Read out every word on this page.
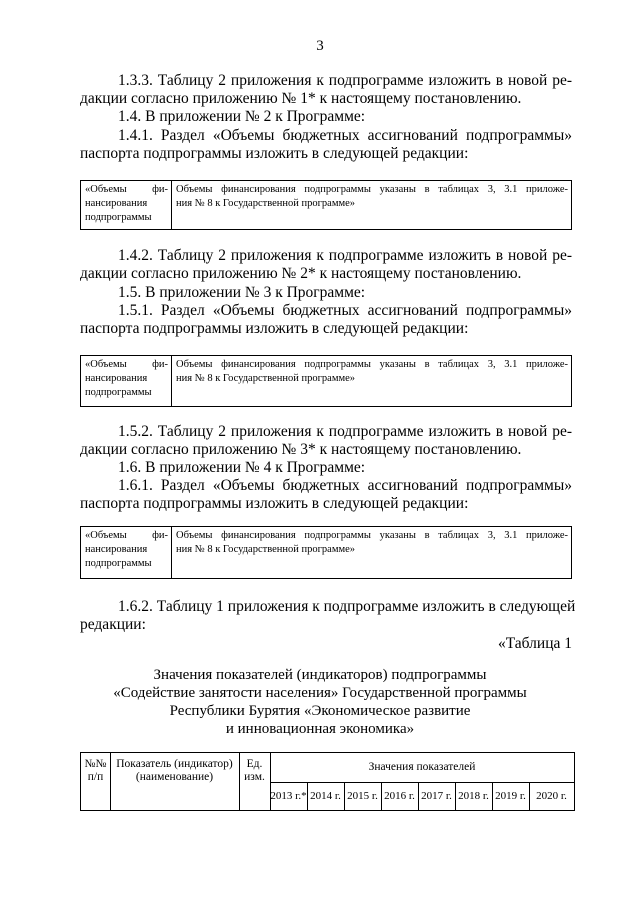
3
1.3.3. Таблицу 2 приложения к подпрограмме изложить в новой ре-
дакции согласно приложению № 1* к настоящему постановлению.
1.4. В приложении № 2 к Программе:
1.4.1. Раздел «Объемы бюджетных ассигнований подпрограммы»
паспорта подпрограммы изложить в следующей редакции:
«Объемы фи-
нансирования
подпрограммы
Объемы финансирования подпрограммы указаны в таблицах 3, 3.1 приложе-
ния № 8 к Государственной программе»
1.4.2. Таблицу 2 приложения к подпрограмме изложить в новой ре-
дакции согласно приложению № 2* к настоящему постановлению.
1.5. В приложении № 3 к Программе:
1.5.1. Раздел «Объемы бюджетных ассигнований подпрограммы»
паспорта подпрограммы изложить в следующей редакции:
«Объемы фи-
нансирования
подпрограммы
Объемы финансирования подпрограммы указаны в таблицах 3, 3.1 приложе-
ния № 8 к Государственной программе»
1.5.2. Таблицу 2 приложения к подпрограмме изложить в новой ре-
дакции согласно приложению № 3* к настоящему постановлению.
1.6. В приложении № 4 к Программе:
1.6.1. Раздел «Объемы бюджетных ассигнований подпрограммы»
паспорта подпрограммы изложить в следующей редакции:
«Объемы фи-
нансирования
подпрограммы
Объемы финансирования подпрограммы указаны в таблицах 3, 3.1 приложе-
ния № 8 к Государственной программе»
1.6.2. Таблицу 1 приложения к подпрограмме изложить в следующей
редакции:
«Таблица 1
Значения показателей (индикаторов) подпрограммы
«Содействие занятости населения» Государственной программы
Республики Бурятия «Экономическое развитие
и инновационная экономика»
№№
п/п
Показатель (индикатор)
(наименование)
Ед.
изм.
Значения показателей
2013 г.* 2014 г. 2015 г. 2016 г. 2017 г. 2018 г. 2019 г. 2020 г.
